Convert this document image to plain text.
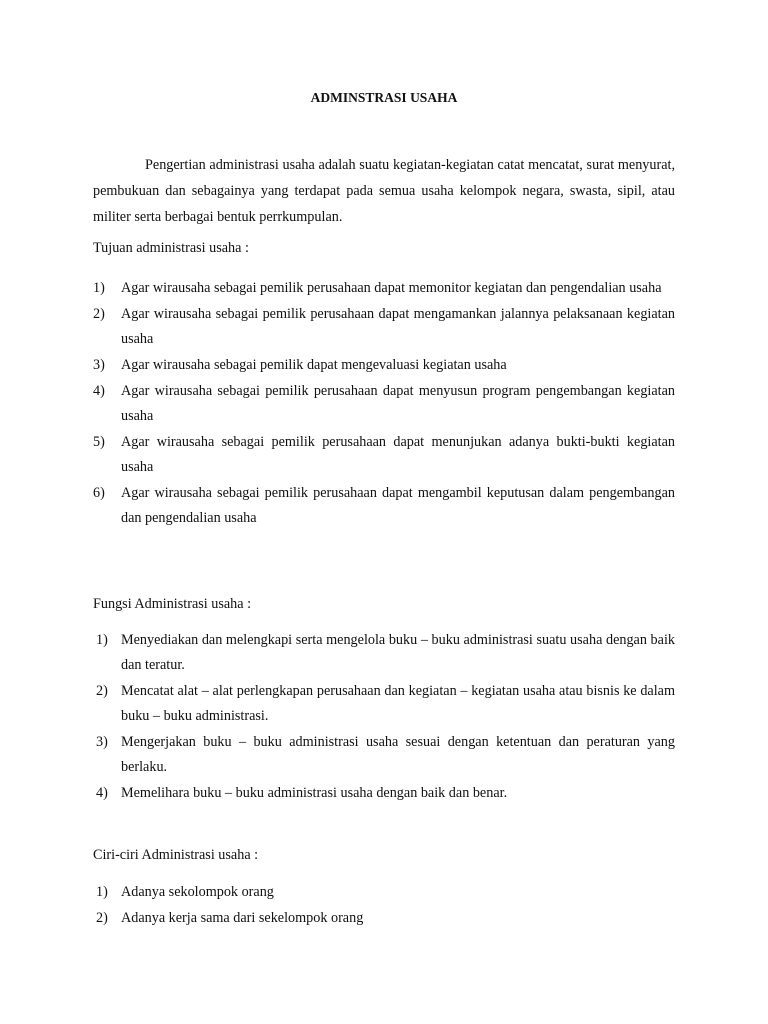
ADMINSTRASI USAHA

Pengertian administrasi usaha adalah suatu kegiatan-kegiatan catat mencatat, surat menyurat, pembukuan dan sebagainya yang terdapat pada semua usaha kelompok negara, swasta, sipil, atau militer serta berbagai bentuk perrkumpulan.

Tujuan administrasi usaha :

1) Agar wirausaha sebagai pemilik perusahaan dapat memonitor kegiatan dan pengendalian usaha
2) Agar wirausaha sebagai pemilik perusahaan dapat mengamankan jalannya pelaksanaan kegiatan usaha
3) Agar wirausaha sebagai pemilik dapat mengevaluasi kegiatan usaha
4) Agar wirausaha sebagai pemilik perusahaan dapat menyusun program pengembangan kegiatan usaha
5) Agar wirausaha sebagai pemilik perusahaan dapat menunjukan adanya bukti-bukti kegiatan usaha
6) Agar wirausaha sebagai pemilik perusahaan dapat mengambil keputusan dalam pengembangan dan pengendalian usaha

Fungsi Administrasi usaha :

1) Menyediakan dan melengkapi serta mengelola buku – buku administrasi suatu usaha dengan baik dan teratur.
2) Mencatat alat – alat perlengkapan perusahaan dan kegiatan – kegiatan usaha atau bisnis ke dalam buku – buku administrasi.
3) Mengerjakan buku – buku administrasi usaha sesuai dengan ketentuan dan peraturan yang berlaku.
4) Memelihara buku – buku administrasi usaha dengan baik dan benar.

Ciri-ciri Administrasi usaha :

1) Adanya sekolompok orang
2) Adanya kerja sama dari sekelompok orang
